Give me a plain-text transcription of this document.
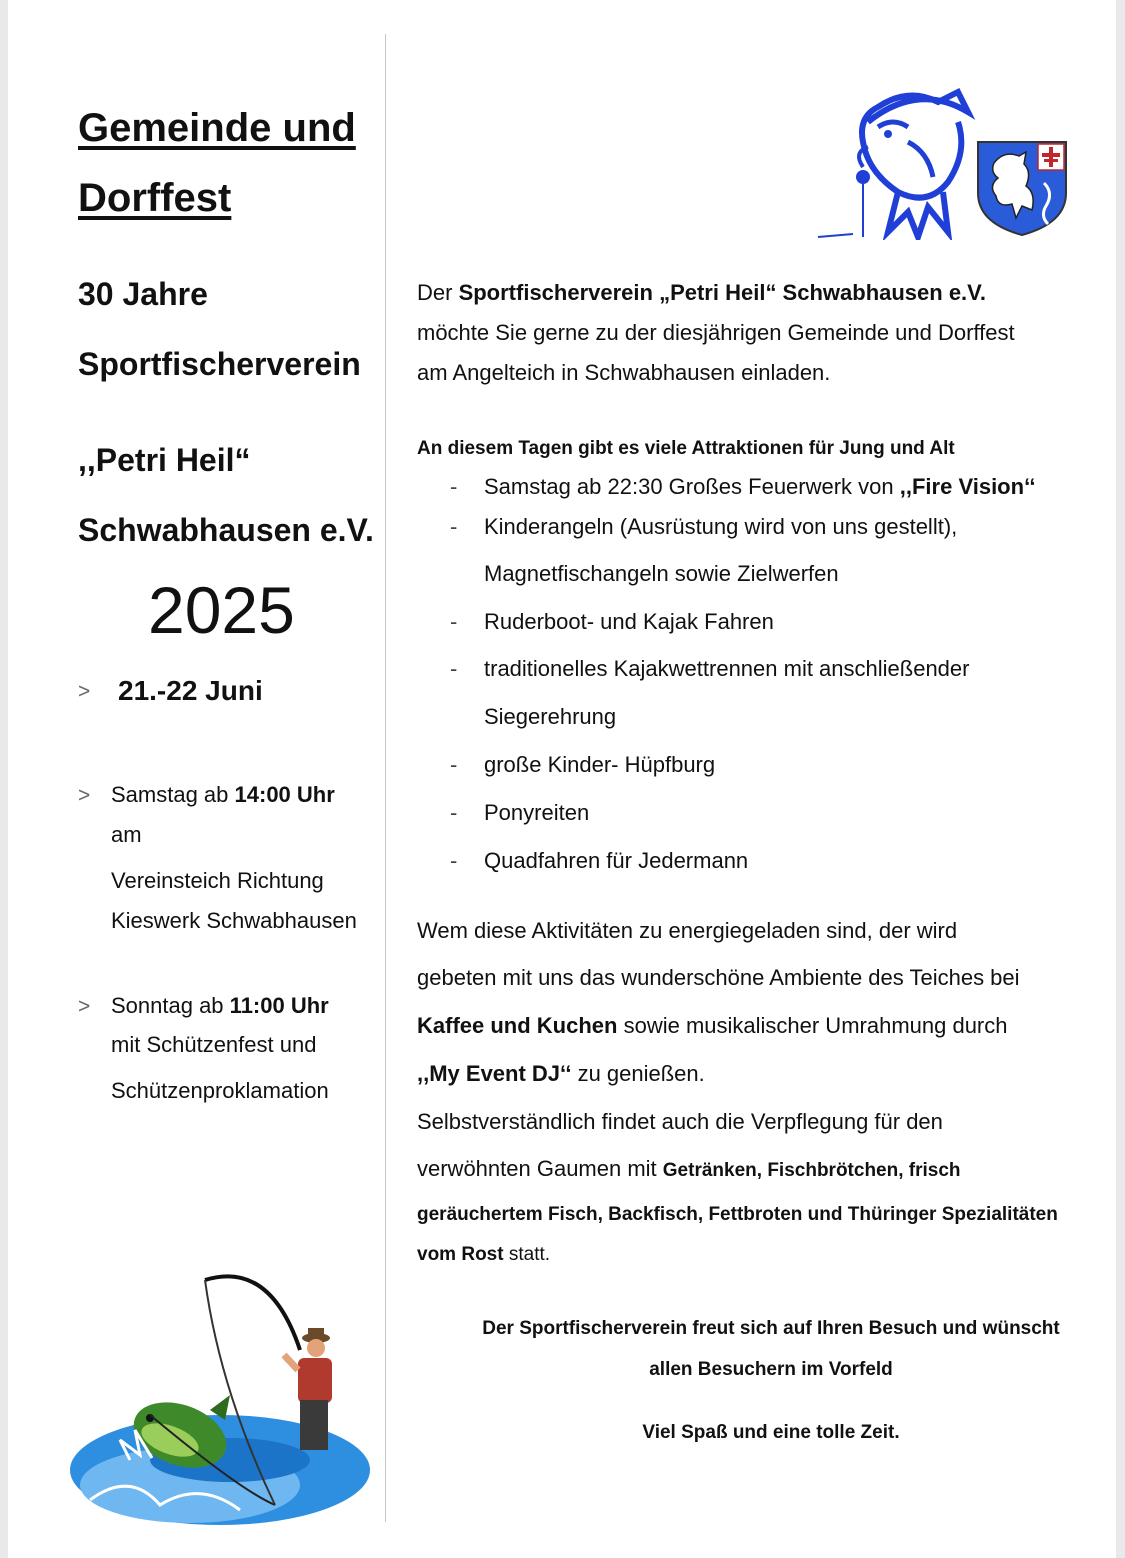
Gemeinde und
Dorffest
30 Jahre
Sportfischerverein
,,Petri Heil“
Schwabhausen e.V.
2025
> 21.-22 Juni
> Samstag ab 14:00 Uhr
am
Vereinsteich Richtung
Kieswerk Schwabhausen
> Sonntag ab 11:00 Uhr
mit Schützenfest und
Schützenproklamation
Der Sportfischerverein „Petri Heil“ Schwabhausen e.V.
möchte Sie gerne zu der diesjährigen Gemeinde und Dorffest
am Angelteich in Schwabhausen einladen.
An diesem Tagen gibt es viele Attraktionen für Jung und Alt
- Samstag ab 22:30 Großes Feuerwerk von ,,Fire Vision‘‘
- Kinderangeln (Ausrüstung wird von uns gestellt),
Magnetfischangeln sowie Zielwerfen
- Ruderboot- und Kajak Fahren
- traditionelles Kajakwettrennen mit anschließender
Siegerehrung
- große Kinder- Hüpfburg
- Ponyreiten
- Quadfahren für Jedermann
Wem diese Aktivitäten zu energiegeladen sind, der wird
gebeten mit uns das wunderschöne Ambiente des Teiches bei
Kaffee und Kuchen sowie musikalischer Umrahmung durch
,,My Event DJ‘‘ zu genießen.
Selbstverständlich findet auch die Verpflegung für den
verwöhnten Gaumen mit Getränken, Fischbrötchen, frisch
geräuchertem Fisch, Backfisch, Fettbroten und Thüringer Spezialitäten
vom Rost statt.
Der Sportfischerverein freut sich auf Ihren Besuch und wünscht
allen Besuchern im Vorfeld
Viel Spaß und eine tolle Zeit.
